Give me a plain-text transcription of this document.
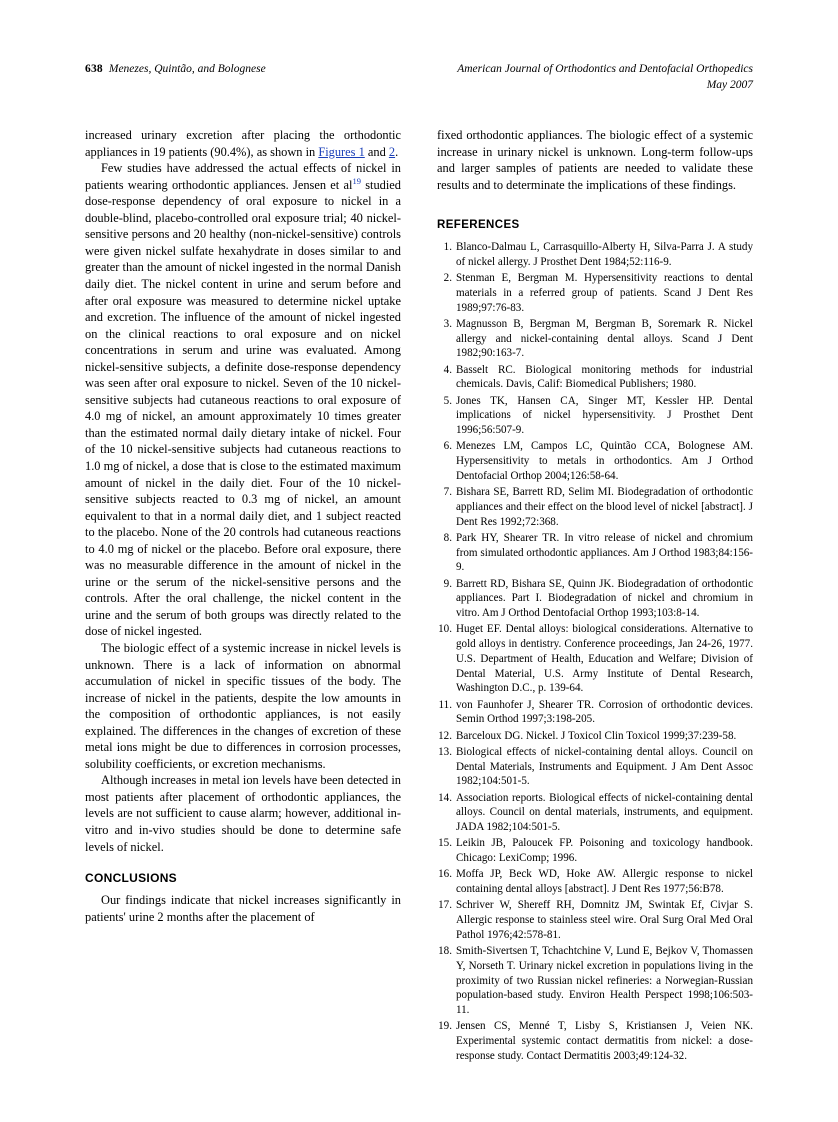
638 Menezes, Quintão, and Bolognese	American Journal of Orthodontics and Dentofacial Orthopedics
May 2007

increased urinary excretion after placing the orthodontic appliances in 19 patients (90.4%), as shown in Figures 1 and 2.

Few studies have addressed the actual effects of nickel in patients wearing orthodontic appliances. Jensen et $al^{19}$ studied dose-response dependency of oral exposure to nickel in a double-blind, placebo-controlled oral exposure trial; 40 nickel-sensitive persons and 20 healthy (non-nickel-sensitive) controls were given nickel sulfate hexahydrate in doses similar to and greater than the amount of nickel ingested in the normal Danish daily diet. The nickel content in urine and serum before and after oral exposure was measured to determine nickel uptake and excretion. The influence of the amount of nickel ingested on the clinical reactions to oral exposure and on nickel concentrations in serum and urine was evaluated. Among nickel-sensitive subjects, a definite dose-response dependency was seen after oral exposure to nickel. Seven of the 10 nickel-sensitive subjects had cutaneous reactions to oral exposure of 4.0 mg of nickel, an amount approximately 10 times greater than the estimated normal daily dietary intake of nickel. Four of the 10 nickel-sensitive subjects had cutaneous reactions to 1.0 mg of nickel, a dose that is close to the estimated maximum amount of nickel in the daily diet. Four of the 10 nickel-sensitive subjects reacted to 0.3 mg of nickel, an amount equivalent to that in a normal daily diet, and 1 subject reacted to the placebo. None of the 20 controls had cutaneous reactions to 4.0 mg of nickel or the placebo. Before oral exposure, there was no measurable difference in the amount of nickel in the urine or the serum of the nickel-sensitive persons and the controls. After the oral challenge, the nickel content in the urine and the serum of both groups was directly related to the dose of nickel ingested.

The biologic effect of a systemic increase in nickel levels is unknown. There is a lack of information on abnormal accumulation of nickel in specific tissues of the body. The increase of nickel in the patients, despite the low amounts in the composition of orthodontic appliances, is not easily explained. The differences in the changes of excretion of these metal ions might be due to differences in corrosion processes, solubility coefficients, or excretion mechanisms.

Although increases in metal ion levels have been detected in most patients after placement of orthodontic appliances, the levels are not sufficient to cause alarm; however, additional in-vitro and in-vivo studies should be done to determine safe levels of nickel.

CONCLUSIONS

Our findings indicate that nickel increases significantly in patients' urine 2 months after the placement of

fixed orthodontic appliances. The biologic effect of a systemic increase in urinary nickel is unknown. Long-term follow-ups and larger samples of patients are needed to validate these results and to determinate the implications of these findings.

REFERENCES
1. Blanco-Dalmau L, Carrasquillo-Alberty H, Silva-Parra J. A study of nickel allergy. J Prosthet Dent 1984;52:116-9.
2. Stenman E, Bergman M. Hypersensitivity reactions to dental materials in a referred group of patients. Scand J Dent Res 1989;97:76-83.
3. Magnusson B, Bergman M, Bergman B, Soremark R. Nickel allergy and nickel-containing dental alloys. Scand J Dent 1982;90:163-7.
4. Basselt RC. Biological monitoring methods for industrial chemicals. Davis, Calif: Biomedical Publishers; 1980.
5. Jones TK, Hansen CA, Singer MT, Kessler HP. Dental implications of nickel hypersensitivity. J Prosthet Dent 1996;56:507-9.
6. Menezes LM, Campos LC, Quintão CCA, Bolognese AM. Hypersensitivity to metals in orthodontics. Am J Orthod Dentofacial Orthop 2004;126:58-64.
7. Bishara SE, Barrett RD, Selim MI. Biodegradation of orthodontic appliances and their effect on the blood level of nickel [abstract]. J Dent Res 1992;72:368.
8. Park HY, Shearer TR. In vitro release of nickel and chromium from simulated orthodontic appliances. Am J Orthod 1983;84:156-9.
9. Barrett RD, Bishara SE, Quinn JK. Biodegradation of orthodontic appliances. Part I. Biodegradation of nickel and chromium in vitro. Am J Orthod Dentofacial Orthop 1993;103:8-14.
10. Huget EF. Dental alloys: biological considerations. Alternative to gold alloys in dentistry. Conference proceedings, Jan 24-26, 1977. U.S. Department of Health, Education and Welfare; Division of Dental Material, U.S. Army Institute of Dental Research, Washington D.C., p. 139-64.
11. von Faunhofer J, Shearer TR. Corrosion of orthodontic devices. Semin Orthod 1997;3:198-205.
12. Barceloux DG. Nickel. J Toxicol Clin Toxicol 1999;37:239-58.
13. Biological effects of nickel-containing dental alloys. Council on Dental Materials, Instruments and Equipment. J Am Dent Assoc 1982;104:501-5.
14. Association reports. Biological effects of nickel-containing dental alloys. Council on dental materials, instruments, and equipment. JADA 1982;104:501-5.
15. Leikin JB, Paloucek FP. Poisoning and toxicology handbook. Chicago: LexiComp; 1996.
16. Moffa JP, Beck WD, Hoke AW. Allergic response to nickel containing dental alloys [abstract]. J Dent Res 1977;56:B78.
17. Schriver W, Shereff RH, Domnitz JM, Swintak Ef, Civjar S. Allergic response to stainless steel wire. Oral Surg Oral Med Oral Pathol 1976;42:578-81.
18. Smith-Sivertsen T, Tchachtchine V, Lund E, Bejkov V, Thomassen Y, Norseth T. Urinary nickel excretion in populations living in the proximity of two Russian nickel refineries: a Norwegian-Russian population-based study. Environ Health Perspect 1998;106:503-11.
19. Jensen CS, Menné T, Lisby S, Kristiansen J, Veien NK. Experimental systemic contact dermatitis from nickel: a dose-response study. Contact Dermatitis 2003;49:124-32.
